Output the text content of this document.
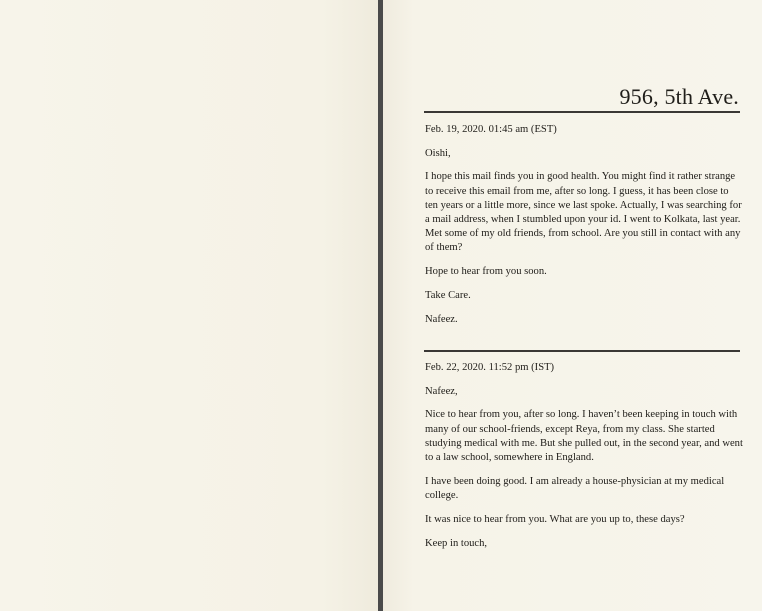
956, 5th Ave.

Feb. 19, 2020. 01:45 am (EST)

Oishi,

I hope this mail finds you in good health. You might find it rather strange to receive this email from me, after so long. I guess, it has been close to ten years or a little more, since we last spoke. Actually, I was searching for a mail address, when I stumbled upon your id. I went to Kolkata, last year. Met some of my old friends, from school. Are you still in contact with any of them?

Hope to hear from you soon.

Take Care.

Nafeez.

Feb. 22, 2020. 11:52 pm (IST)

Nafeez,

Nice to hear from you, after so long. I haven’t been keeping in touch with many of our school-friends, except Reya, from my class. She started studying medical with me. But she pulled out, in the second year, and went to a law school, somewhere in England.

I have been doing good. I am already a house-physician at my medical college.

It was nice to hear from you. What are you up to, these days?

Keep in touch,
